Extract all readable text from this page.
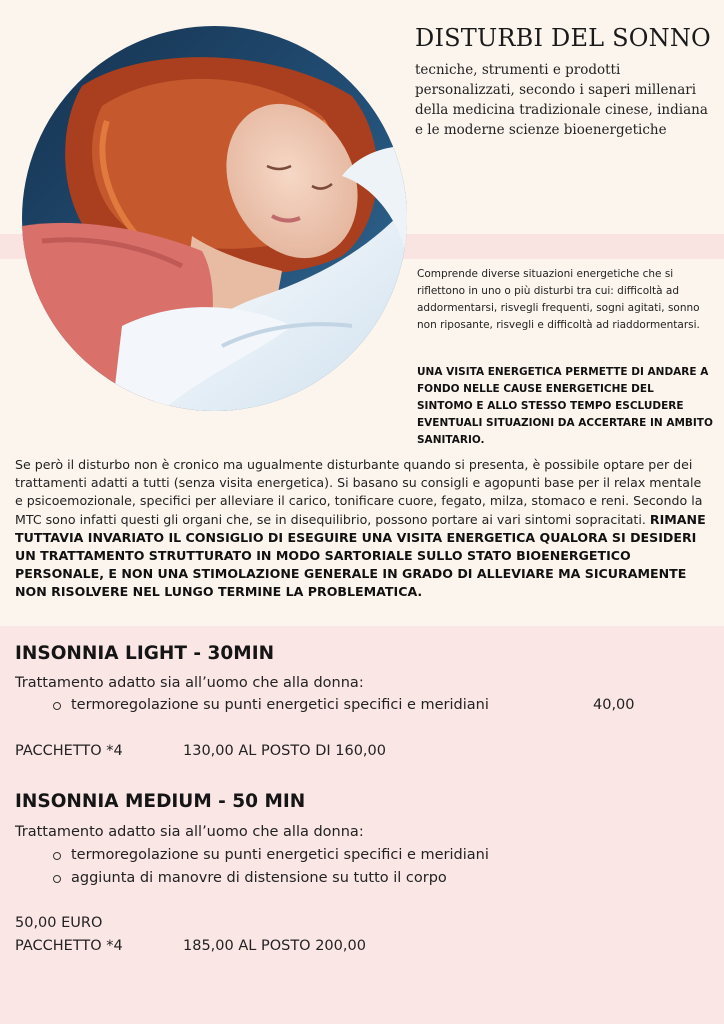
DISTURBI DEL SONNO
tecniche, strumenti e prodotti personalizzati, secondo i saperi millenari della medicina tradizionale cinese, indiana e le moderne scienze bioenergetiche
Comprende diverse situazioni energetiche che si riflettono in uno o più disturbi tra cui: difficoltà ad addormentarsi, risvegli frequenti, sogni agitati, sonno non riposante, risvegli e difficoltà ad riaddormentarsi.
UNA VISITA ENERGETICA PERMETTE DI ANDARE A FONDO NELLE CAUSE ENERGETICHE DEL SINTOMO E ALLO STESSO TEMPO ESCLUDERE EVENTUALI SITUAZIONI DA ACCERTARE IN AMBITO SANITARIO.
Se però il disturbo non è cronico ma ugualmente disturbante quando si presenta, è possibile optare per dei trattamenti adatti a tutti (senza visita energetica). Si basano su consigli e agopunti base per il relax mentale e psicoemozionale, specifici per alleviare il carico, tonificare cuore, fegato, milza, stomaco e reni. Secondo la MTC sono infatti questi gli organi che, se in disequilibrio, possono portare ai vari sintomi sopracitati. RIMANE TUTTAVIA INVARIATO IL CONSIGLIO DI ESEGUIRE UNA VISITA ENERGETICA QUALORA SI DESIDERI UN TRATTAMENTO STRUTTURATO IN MODO SARTORIALE SULLO STATO BIOENERGETICO PERSONALE, E NON UNA STIMOLAZIONE GENERALE IN GRADO DI ALLEVIARE MA SICURAMENTE NON RISOLVERE NEL LUNGO TERMINE LA PROBLEMATICA.
INSONNIA LIGHT - 30MIN
Trattamento adatto sia all’uomo che alla donna:
termoregolazione su punti energetici specifici e meridiani	40,00
PACCHETTO *4	130,00 AL POSTO DI 160,00
INSONNIA MEDIUM - 50 MIN
Trattamento adatto sia all’uomo che alla donna:
termoregolazione su punti energetici specifici e meridiani
aggiunta di manovre di distensione su tutto il corpo
50,00 EURO
PACCHETTO *4	185,00 AL POSTO 200,00
